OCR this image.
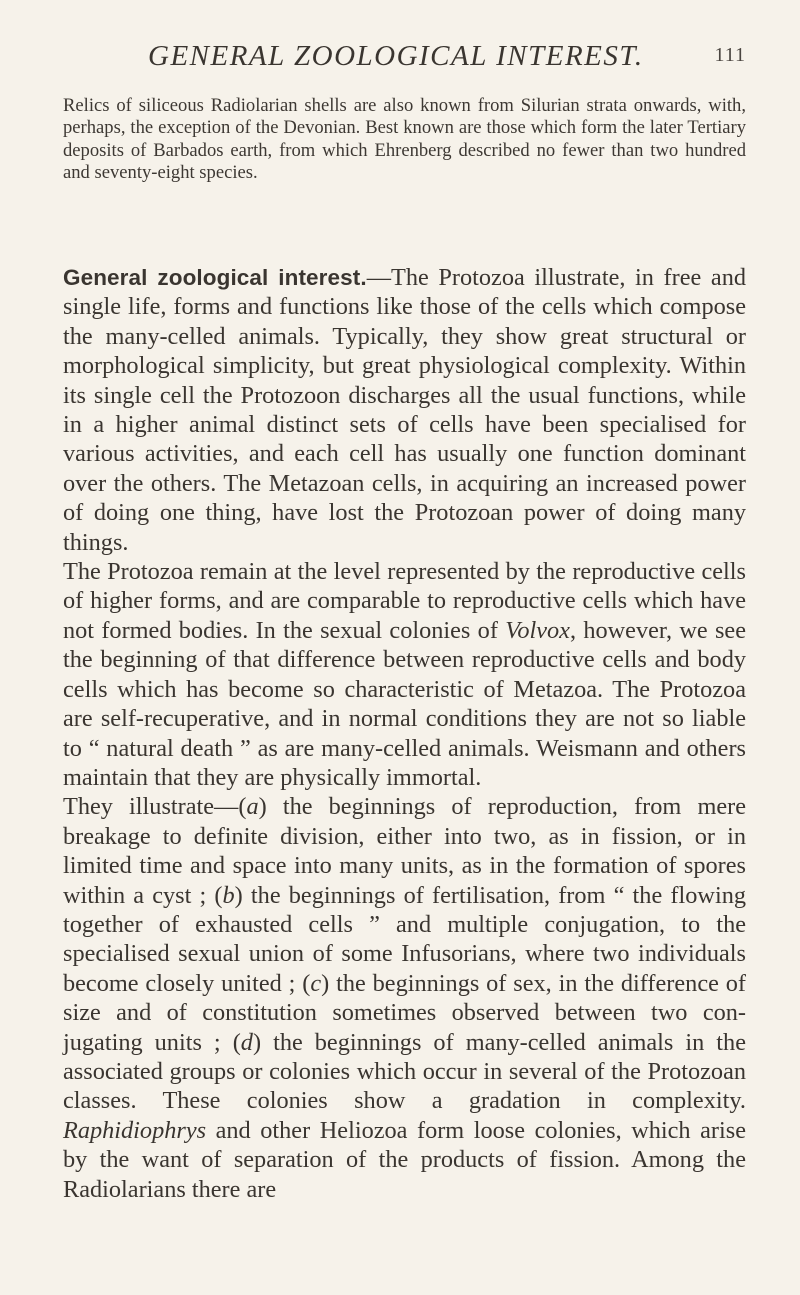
GENERAL ZOOLOGICAL INTEREST.	111

Relics of siliceous Radiolarian shells are also known from Silurian strata onwards, with, perhaps, the exception of the Devonian. Best known are those which form the later Tertiary deposits of Barbados earth, from which Ehrenberg described no fewer than two hundred and seventy-eight species.

General zoological interest.—The Protozoa illustrate, in free and single life, forms and functions like those of the cells which compose the many-celled animals. Typically, they show great structural or morphological simplicity, but great physiological complexity. Within its single cell the Protozoon discharges all the usual functions, while in a higher animal distinct sets of cells have been specialised for various activities, and each cell has usually one function dominant over the others. The Metazoan cells, in acquiring an increased power of doing one thing, have lost the Protozoan power of doing many things.

The Protozoa remain at the level represented by the reproductive cells of higher forms, and are comparable to reproductive cells which have not formed bodies. In the sexual colonies of Volvox, however, we see the beginning of that difference between reproductive cells and body cells which has become so characteristic of Metazoa. The Protozoa are self-recuperative, and in normal conditions they are not so liable to “ natural death ” as are many-celled animals. Weismann and others maintain that they are physically immortal.

They illustrate—(a) the beginnings of reproduction, from mere breakage to definite division, either into two, as in fission, or in limited time and space into many units, as in the formation of spores within a cyst ; (b) the beginnings of fertilisation, from “ the flowing together of exhausted cells ” and multiple conjugation, to the specialised sexual union of some Infusorians, where two individuals become closely united ; (c) the beginnings of sex, in the difference of size and of constitution sometimes observed between two con-jugating units ; (d) the beginnings of many-celled animals in the associated groups or colonies which occur in several of the Protozoan classes. These colonies show a gradation in complexity. Raphidiophrys and other Heliozoa form loose colonies, which arise by the want of separation of the products of fission. Among the Radiolarians there are
